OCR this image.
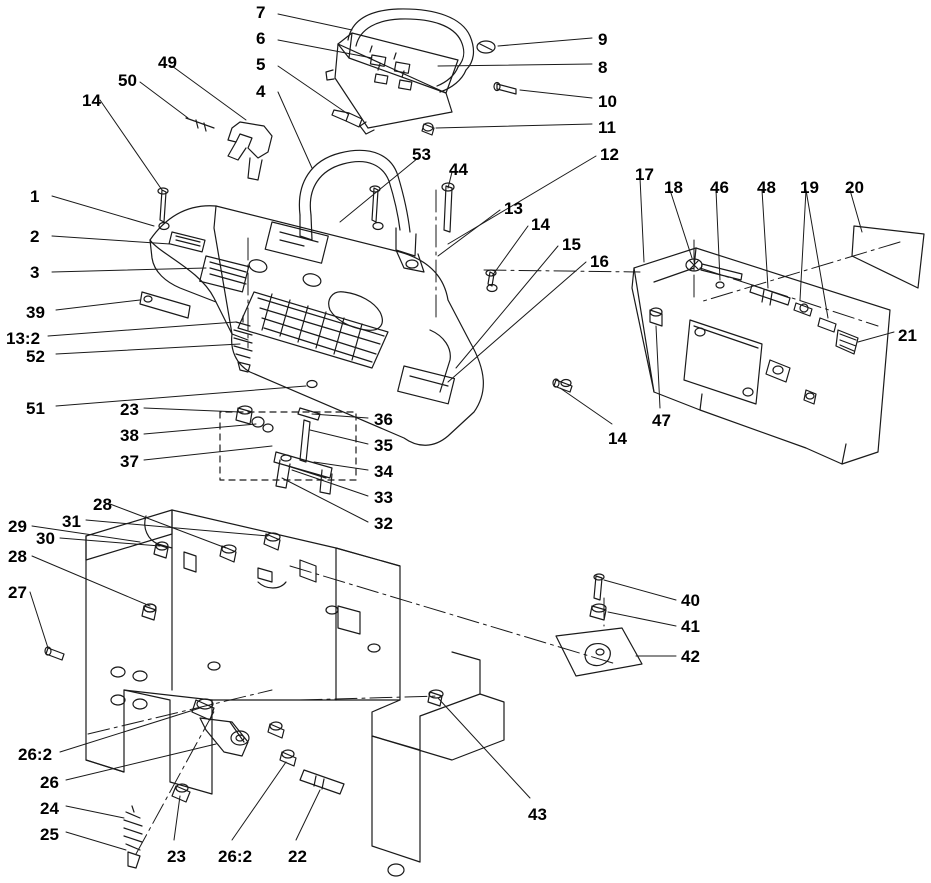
7
6
5
4
9
8
10
11
49
50
14
53
44
12
17
18 46 48 19 20
1
13
14
2	15
16
3
21
39
13:2
52
51
47
14
23
36
38
35
37
34
33
32
28
31
30
29
28
27	40
41
42
26:2
26
24
25
43
23 26:2 22
